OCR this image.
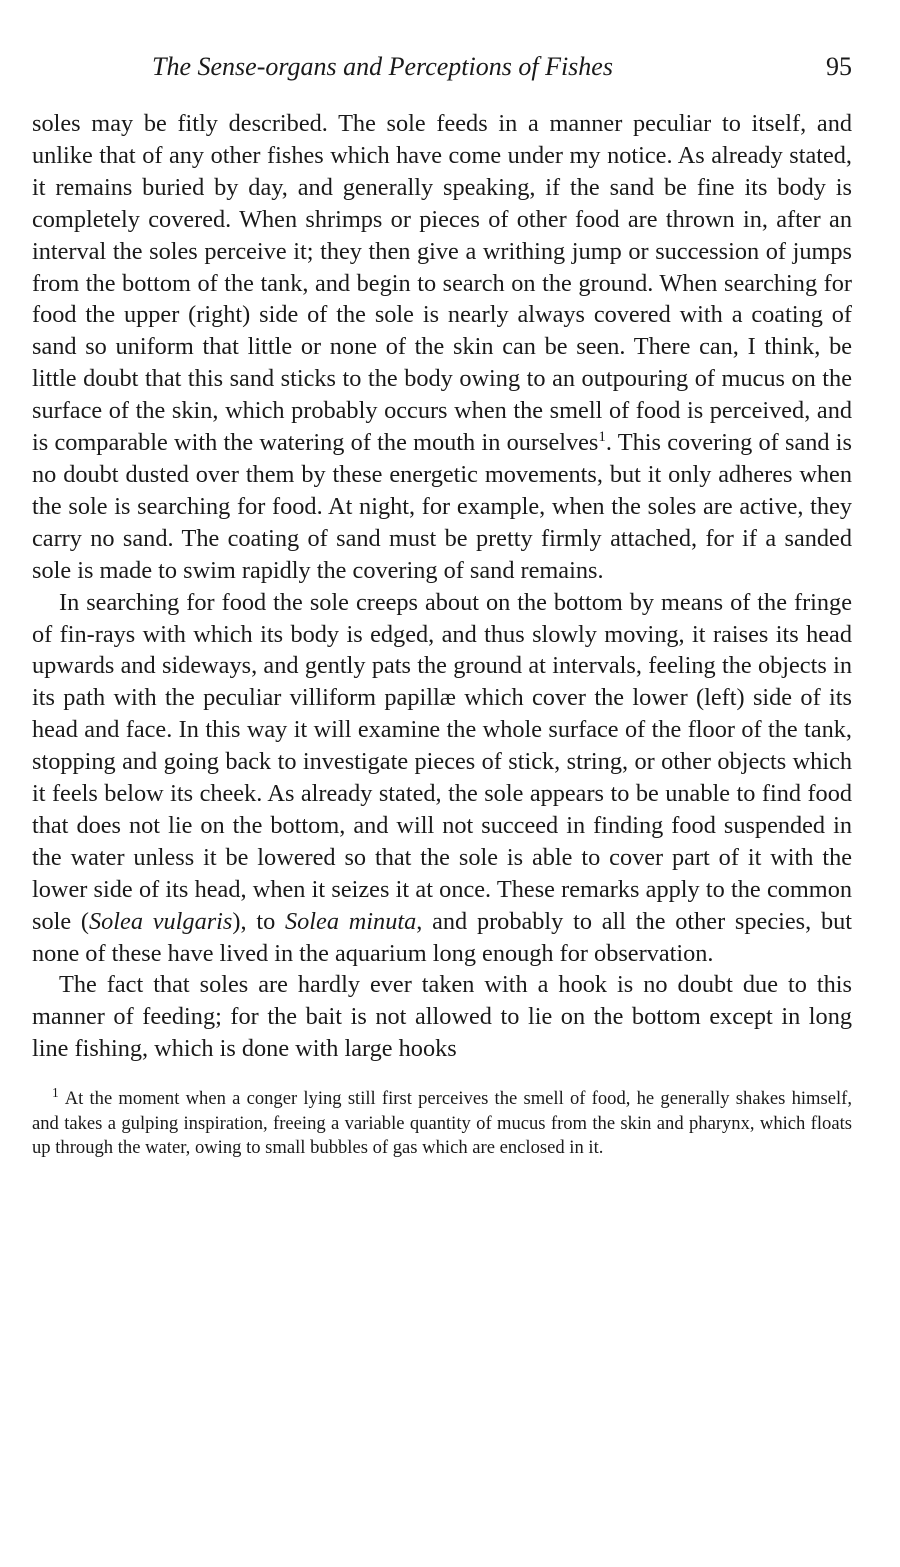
The Sense-organs and Perceptions of Fishes	95

soles may be fitly described. The sole feeds in a manner peculiar to itself, and unlike that of any other fishes which have come under my notice. As already stated, it remains buried by day, and generally speaking, if the sand be fine its body is completely covered. When shrimps or pieces of other food are thrown in, after an interval the soles perceive it; they then give a writhing jump or succession of jumps from the bottom of the tank, and begin to search on the ground. When searching for food the upper (right) side of the sole is nearly always covered with a coating of sand so uniform that little or none of the skin can be seen. There can, I think, be little doubt that this sand sticks to the body owing to an outpouring of mucus on the surface of the skin, which probably occurs when the smell of food is perceived, and is comparable with the watering of the mouth in ourselves$^1$. This covering of sand is no doubt dusted over them by these energetic movements, but it only adheres when the sole is searching for food. At night, for example, when the soles are active, they carry no sand. The coating of sand must be pretty firmly attached, for if a sanded sole is made to swim rapidly the covering of sand remains.

In searching for food the sole creeps about on the bottom by means of the fringe of fin-rays with which its body is edged, and thus slowly moving, it raises its head upwards and sideways, and gently pats the ground at intervals, feeling the objects in its path with the peculiar villiform papillæ which cover the lower (left) side of its head and face. In this way it will examine the whole surface of the floor of the tank, stopping and going back to investigate pieces of stick, string, or other objects which it feels below its cheek. As already stated, the sole appears to be unable to find food that does not lie on the bottom, and will not succeed in finding food suspended in the water unless it be lowered so that the sole is able to cover part of it with the lower side of its head, when it seizes it at once. These remarks apply to the common sole (Solea vulgaris), to Solea minuta, and probably to all the other species, but none of these have lived in the aquarium long enough for observation.

The fact that soles are hardly ever taken with a hook is no doubt due to this manner of feeding; for the bait is not allowed to lie on the bottom except in long line fishing, which is done with large hooks

$^1$ At the moment when a conger lying still first perceives the smell of food, he generally shakes himself, and takes a gulping inspiration, freeing a variable quantity of mucus from the skin and pharynx, which floats up through the water, owing to small bubbles of gas which are enclosed in it.
